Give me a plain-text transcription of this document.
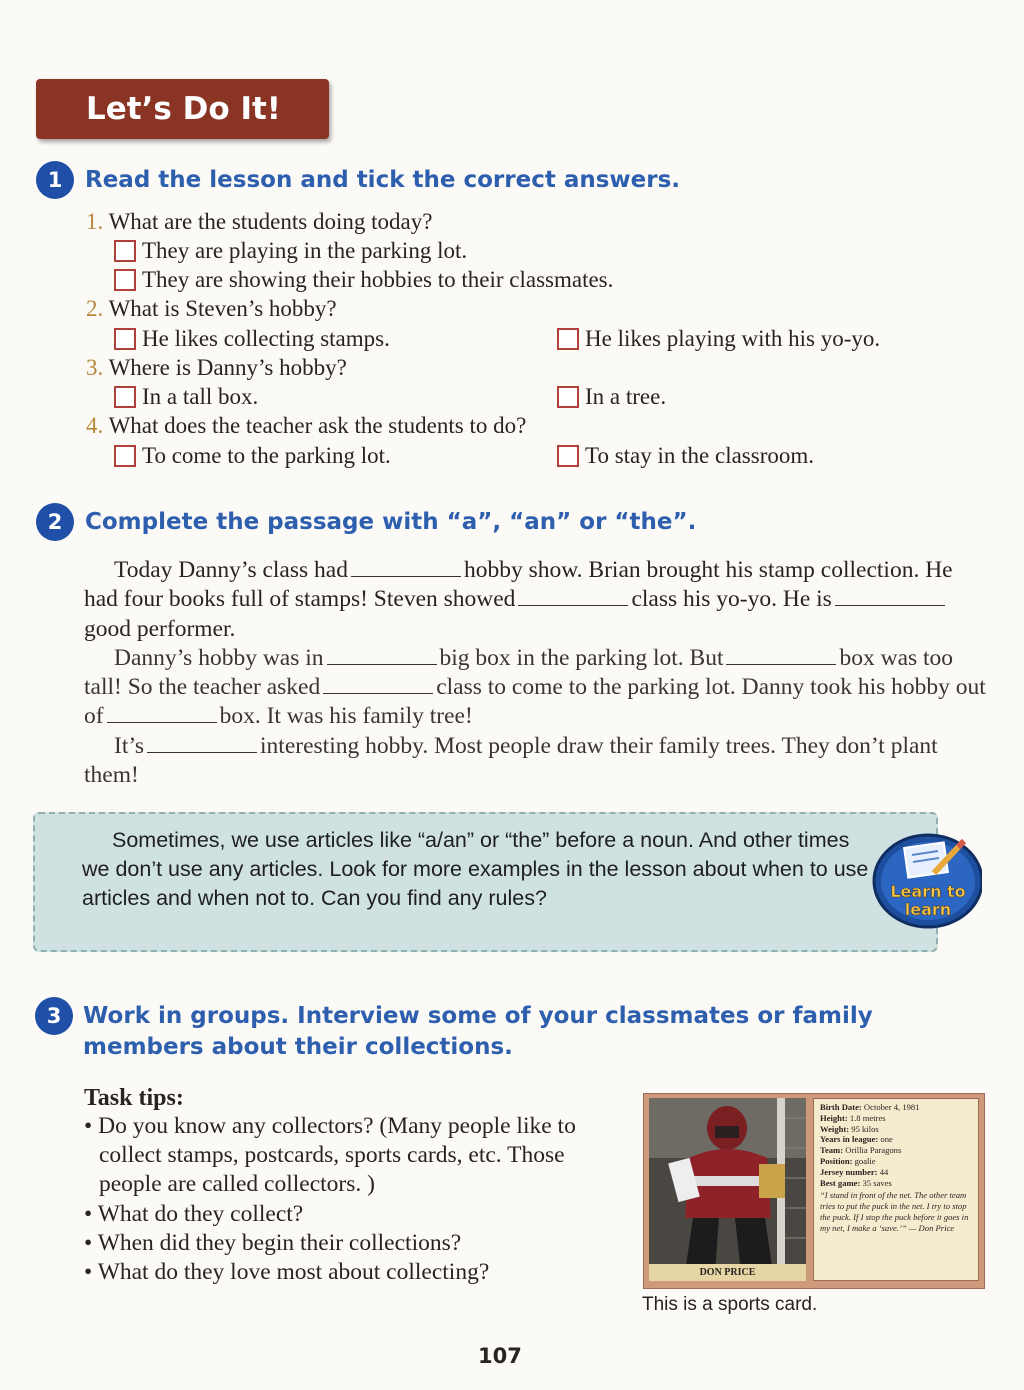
Let’s Do It!
1 Read the lesson and tick the correct answers.
1. What are the students doing today?
They are playing in the parking lot.
They are showing their hobbies to their classmates.
2. What is Steven’s hobby?
He likes collecting stamps.	He likes playing with his yo-yo.
3. Where is Danny’s hobby?
In a tall box.	In a tree.
4. What does the teacher ask the students to do?
To come to the parking lot.	To stay in the classroom.
2 Complete the passage with “a”, “an” or “the”.

Today Danny’s class had	hobby show. Brian brought his stamp collection. He had four books full of stamps! Steven showed	class his yo-yo. He isgood performer.

Danny’s hobby was in	big box in the parking lot. But	box was too tall! So the teacher asked	class to come to the parking lot. Danny took his hobby out of	box. It was his family tree!

It’s	interesting hobby. Most people draw their family trees. They don’t plant them!

Sometimes, we use articles like “a/an” or “the” before a noun. And other times we don’t use any articles. Look for more examples in the lesson about when to use articles and when not to. Can you find any rules?	Learn to
learn
3 Work in groups. Interview some of your classmates or family
members about their collections.
Task tips:
• Do you know any collectors? (Many people like to collect stamps, postcards, sports cards, etc. Those people are called collectors. )
• What do they collect?
• When did they begin their collections?
• What do they love most about collecting?	DON PRICE
Birth Date: October 4, 1981
Height: 1.8 metres
Weight: 95 kilos
Years in league: one
Team: Orillia Paragons
Position: goalie
Jersey number: 44
Best game: 35 saves
“I stand in front of the net. The other team tries to put the puck in the net. I try to stop the puck. If I stop the puck before it goes in my net, I make a ‘save.’” — Don Price
This is a sports card.
107
